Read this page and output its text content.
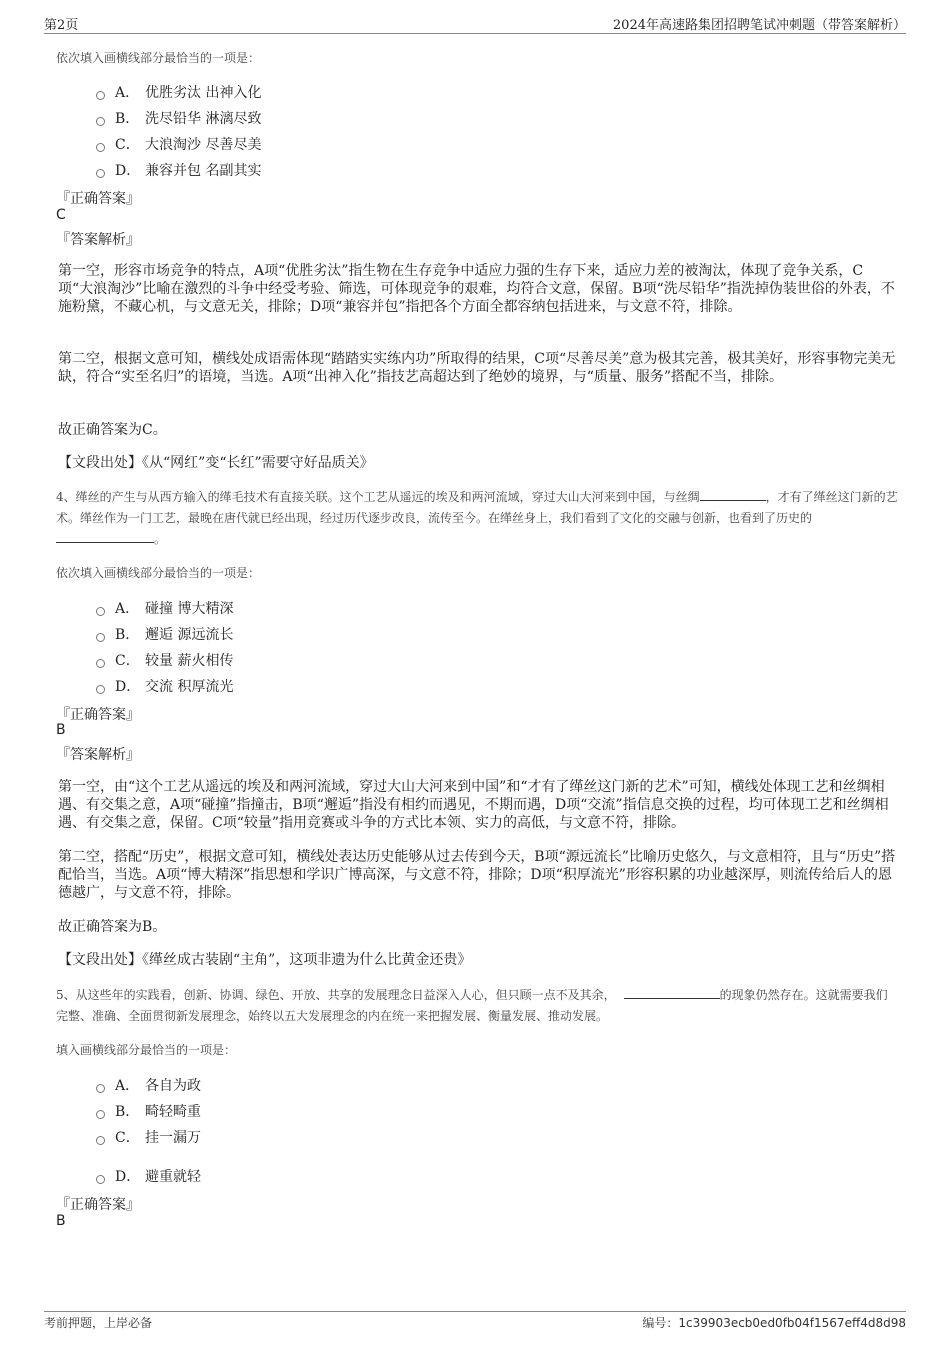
第2页	2024年高速路集团招聘笔试冲刺题（带答案解析）
依次填入画横线部分最恰当的一项是：
A． 优胜劣汰 出神入化
B． 洗尽铅华 淋漓尽致
C． 大浪淘沙 尽善尽美
D． 兼容并包 名副其实
『正确答案』
C
『答案解析』
第一空，形容市场竞争的特点，A项“优胜劣汰”指生物在生存竞争中适应力强的生存下来，适应力差的被淘汰，体现了竞争关系，C项“大浪淘沙”比喻在激烈的斗争中经受考验、筛选，可体现竞争的艰难，均符合文意，保留。B项“洗尽铅华”指洗掉伪装世俗的外表，不施粉黛，不藏心机，与文意无关，排除；D项“兼容并包”指把各个方面全都容纳包括进来，与文意不符，排除。
第二空，根据文意可知，横线处成语需体现“踏踏实实练内功”所取得的结果，C项“尽善尽美”意为极其完善，极其美好，形容事物完美无缺，符合“实至名归”的语境，当选。A项“出神入化”指技艺高超达到了绝妙的境界，与“质量、服务”搭配不当，排除。
故正确答案为C。
【文段出处】《从“网红”变“长红”需要守好品质关》
4、缂丝的产生与从西方输入的缂毛技术有直接关联。这个工艺从遥远的埃及和两河流域，穿过大山大河来到中国，与丝绸	，才有了缂丝这门新的艺术。缂丝作为一门工艺，最晚在唐代就已经出现，经过历代逐步改良，流传至今。在缂丝身上，我们看到了文化的交融与创新，也看到了历史的。
依次填入画横线部分最恰当的一项是：
A． 碰撞 博大精深
B． 邂逅 源远流长
C． 较量 薪火相传
D． 交流 积厚流光
『正确答案』
B
『答案解析』
第一空，由“这个工艺从遥远的埃及和两河流域，穿过大山大河来到中国”和“才有了缂丝这门新的艺术”可知，横线处体现工艺和丝绸相遇、有交集之意，A项“碰撞”指撞击，B项“邂逅”指没有相约而遇见，不期而遇，D项“交流”指信息交换的过程，均可体现工艺和丝绸相遇、有交集之意，保留。C项“较量”指用竞赛或斗争的方式比本领、实力的高低，与文意不符，排除。
第二空，搭配“历史”，根据文意可知，横线处表达历史能够从过去传到今天，B项“源远流长”比喻历史悠久，与文意相符，且与“历史”搭配恰当，当选。A项“博大精深”指思想和学识广博高深，与文意不符，排除；D项“积厚流光”形容积累的功业越深厚，则流传给后人的恩德越广，与文意不符，排除。
故正确答案为B。
【文段出处】《缂丝成古装剧“主角”，这项非遗为什么比黄金还贵》
5、从这些年的实践看，创新、协调、绿色、开放、共享的发展理念日益深入人心，但只顾一点不及其余，	的现象仍然存在。这就需要我们完整、准确、全面贯彻新发展理念，始终以五大发展理念的内在统一来把握发展、衡量发展、推动发展。
填入画横线部分最恰当的一项是：
A． 各自为政
B． 畸轻畸重
C． 挂一漏万
D． 避重就轻
『正确答案』
B
考前押题，上岸必备	编号：1c39903ecb0ed0fb04f1567eff4d8d98
